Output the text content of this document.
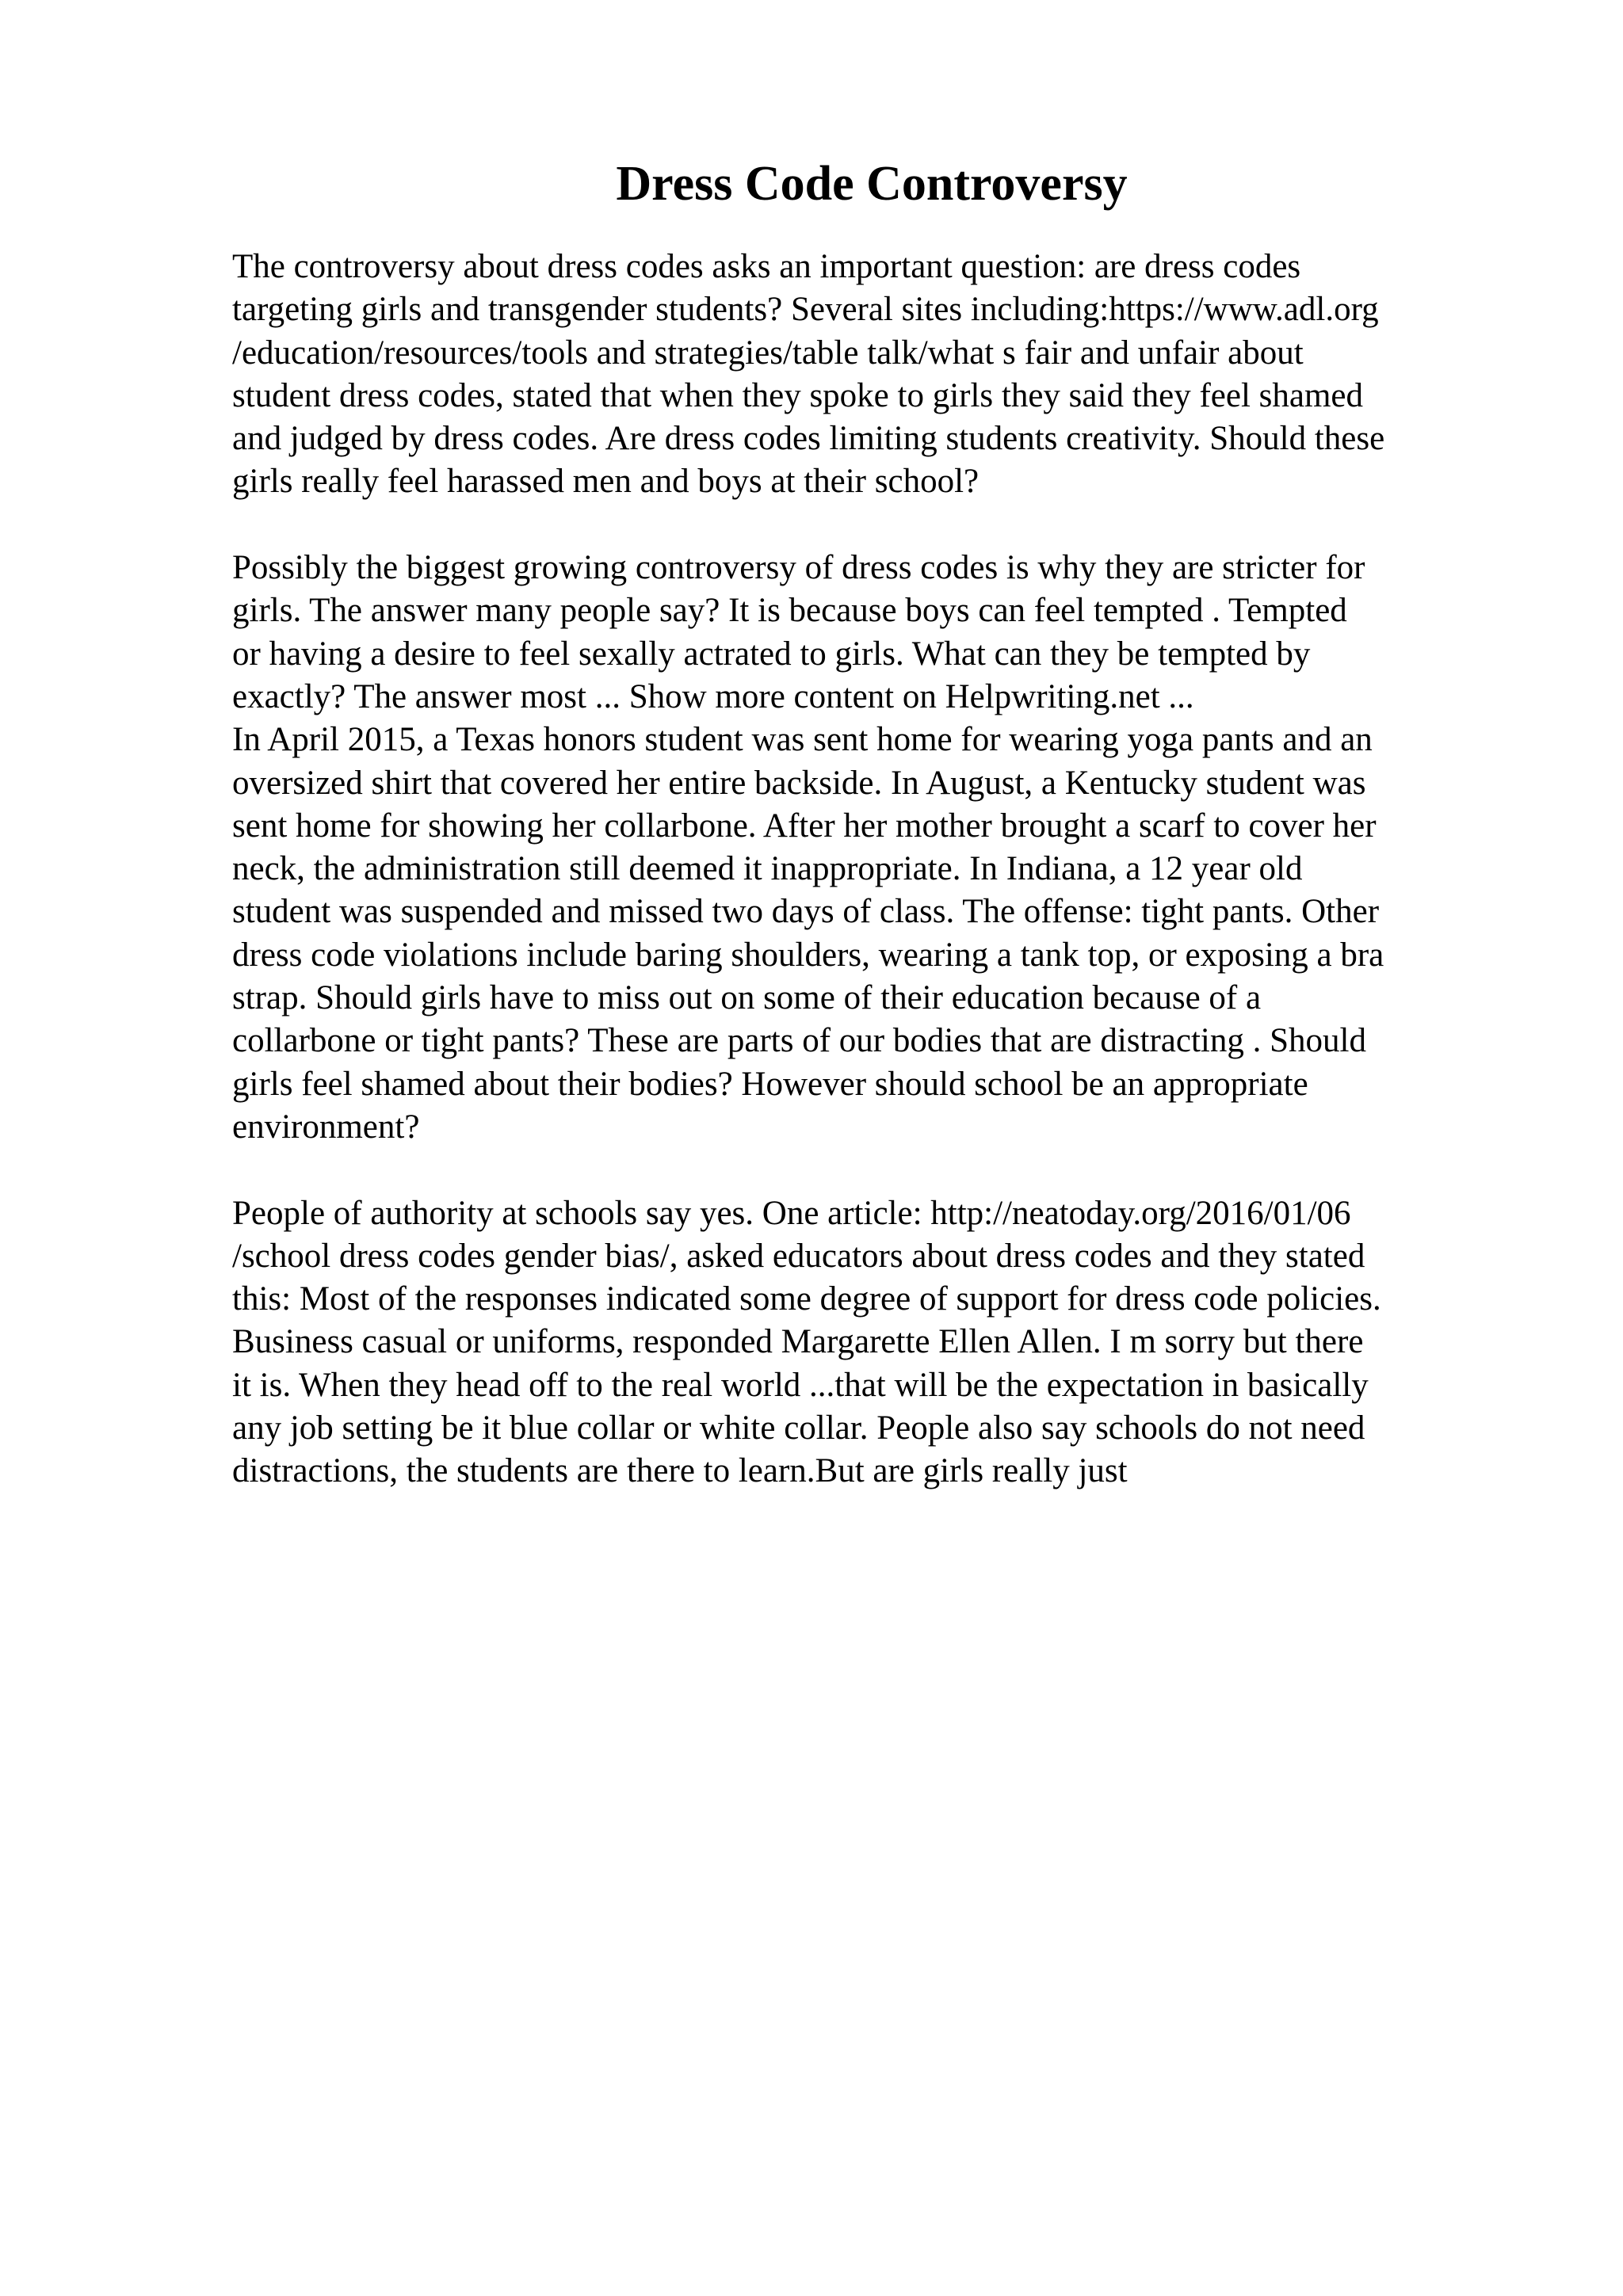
Dress Code Controversy
The controversy about dress codes asks an important question: are dress codes
targeting girls and transgender students? Several sites including:https://www.adl.org
/education/resources/tools and strategies/table talk/what s fair and unfair about
student dress codes, stated that when they spoke to girls they said they feel shamed
and judged by dress codes. Are dress codes limiting students creativity. Should these
girls really feel harassed men and boys at their school?
Possibly the biggest growing controversy of dress codes is why they are stricter for
girls. The answer many people say? It is because boys can feel tempted . Tempted
or having a desire to feel sexally actrated to girls. What can they be tempted by
exactly? The answer most ... Show more content on Helpwriting.net ...
In April 2015, a Texas honors student was sent home for wearing yoga pants and an
oversized shirt that covered her entire backside. In August, a Kentucky student was
sent home for showing her collarbone. After her mother brought a scarf to cover her
neck, the administration still deemed it inappropriate. In Indiana, a 12 year old
student was suspended and missed two days of class. The offense: tight pants. Other
dress code violations include baring shoulders, wearing a tank top, or exposing a bra
strap. Should girls have to miss out on some of their education because of a
collarbone or tight pants? These are parts of our bodies that are distracting . Should
girls feel shamed about their bodies? However should school be an appropriate
environment?
People of authority at schools say yes. One article: http://neatoday.org/2016/01/06
/school dress codes gender bias/, asked educators about dress codes and they stated
this: Most of the responses indicated some degree of support for dress code policies.
Business casual or uniforms, responded Margarette Ellen Allen. I m sorry but there
it is. When they head off to the real world ...that will be the expectation in basically
any job setting be it blue collar or white collar. People also say schools do not need
distractions, the students are there to learn.But are girls really just
